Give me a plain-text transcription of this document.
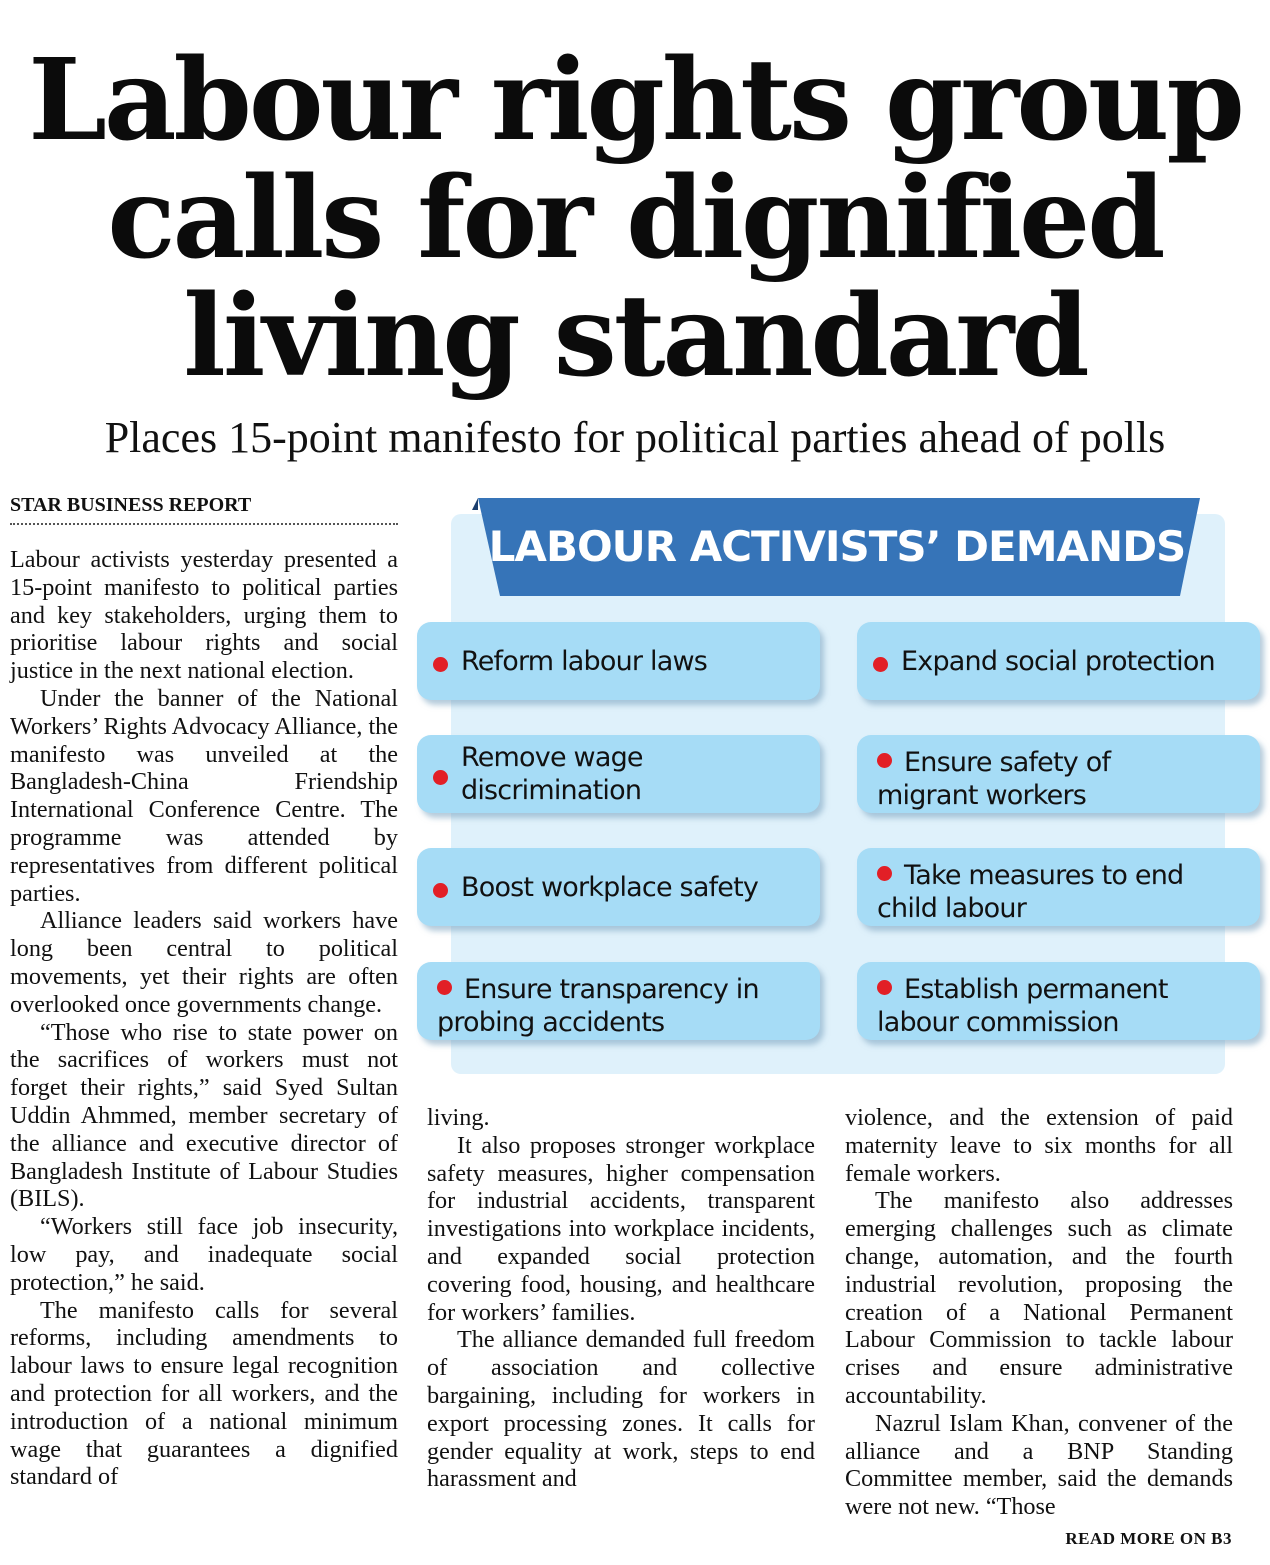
Labour rights group
calls for dignified
living standard
Places 15-point manifesto for political parties ahead of polls
STAR BUSINESS REPORT

Labour activists yesterday presented a 15-point manifesto to political parties and key stakeholders, urging them to prioritise labour rights and social justice in the next national election.

Under the banner of the National Workers’ Rights Advocacy Alliance, the manifesto was unveiled at the Bangladesh-China Friendship International Conference Centre. The programme was attended by representatives from different political parties.

Alliance leaders said workers have long been central to political movements, yet their rights are often overlooked once governments change.

“Those who rise to state power on the sacrifices of workers must not forget their rights,” said Syed Sultan Uddin Ahmmed, member secretary of the alliance and executive director of Bangladesh Institute of Labour Studies (BILS).

“Workers still face job insecurity, low pay, and inadequate social protection,” he said.

The manifesto calls for several reforms, including amendments to labour laws to ensure legal recognition and protection for all workers, and the introduction of a national minimum wage that guarantees a dignified standard of

living.

It also proposes stronger workplace safety measures, higher compensation for industrial accidents, transparent investigations into workplace incidents, and expanded social protection covering food, housing, and healthcare for workers’ families.

The alliance demanded full freedom of association and collective bargaining, including for workers in export processing zones. It calls for gender equality at work, steps to end harassment and

violence, and the extension of paid maternity leave to six months for all female workers.

The manifesto also addresses emerging challenges such as climate change, automation, and the fourth industrial revolution, proposing the creation of a National Permanent Labour Commission to tackle labour crises and ensure administrative accountability.

Nazrul Islam Khan, convener of the alliance and a BNP Standing Committee member, said the demands were not new. “Those

READ MORE ON B3
LABOUR ACTIVISTS’ DEMANDS
Reform labour laws	Expand social protection
Remove wage discrimination
Ensure safety of
migrant workers
Boost workplace safety	Take measures to end
child labour
Ensure transparency in
probing accidents
Establish permanent
labour commission
